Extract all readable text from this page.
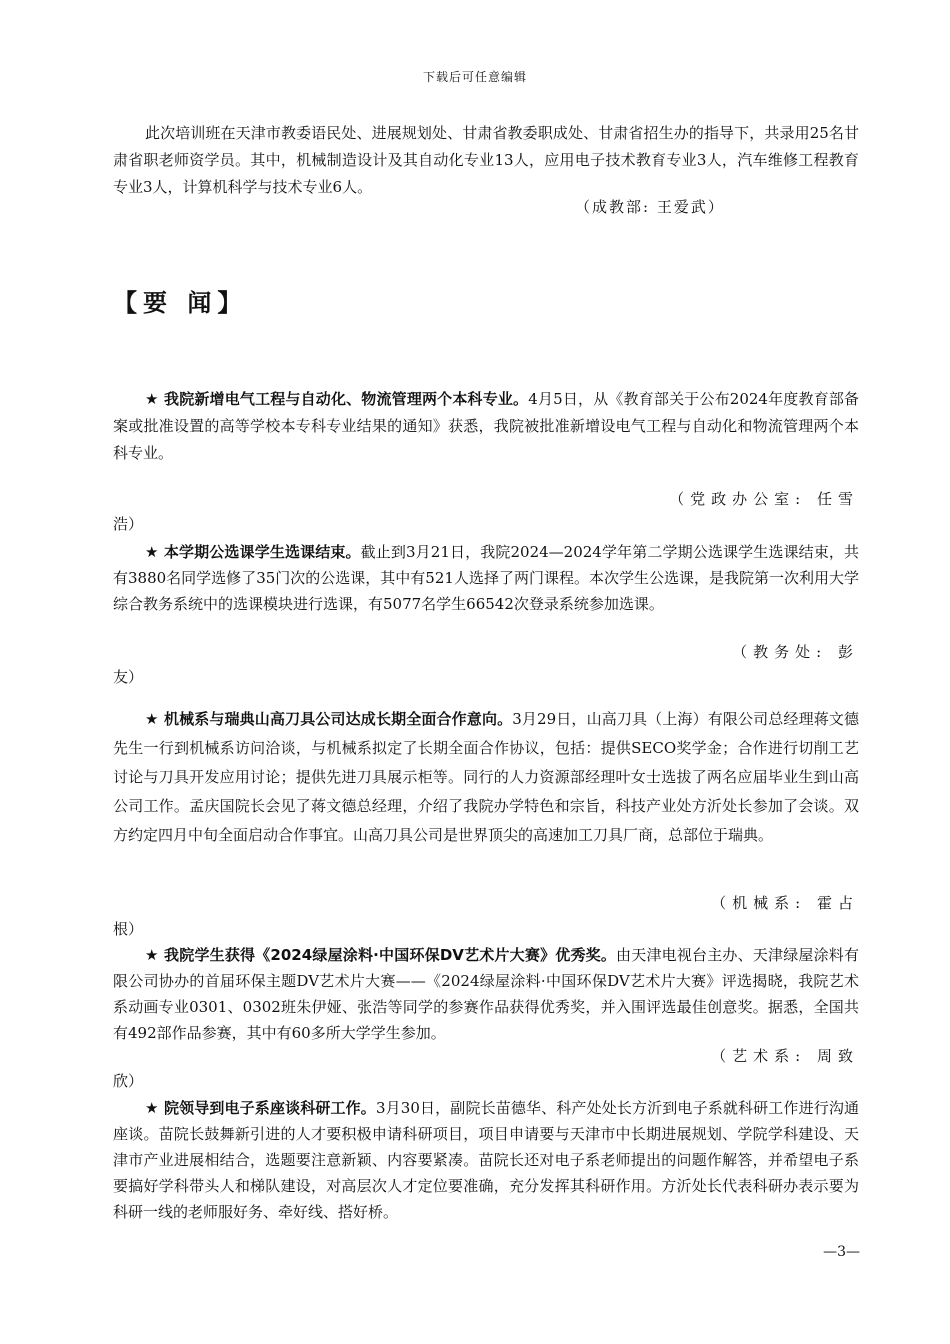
下载后可任意编辑

此次培训班在天津市教委语民处、进展规划处、甘肃省教委职成处、甘肃省招生办的指导下，共录用25名甘肃省职老师资学员。其中，机械制造设计及其自动化专业13人，应用电子技术教育专业3人，汽车维修工程教育专业3人，计算机科学与技术专业6人。

（成教部: 王爱武）
【要 闻】

★ 我院新增电气工程与自动化、物流管理两个本科专业。4月5日，从《教育部关于公布2024年度教育部备案或批准设置的高等学校本专科专业结果的通知》获悉，我院被批准新增设电气工程与自动化和物流管理两个本科专业。

（党政办公室: 任雪
浩）

★ 本学期公选课学生选课结束。截止到3月21日，我院2024—2024学年第二学期公选课学生选课结束，共有3880名同学选修了35门次的公选课，其中有521人选择了两门课程。本次学生公选课，是我院第一次利用大学综合教务系统中的选课模块进行选课，有5077名学生66542次登录系统参加选课。

（教务处: 彭
友）

★ 机械系与瑞典山高刀具公司达成长期全面合作意向。3月29日，山高刀具（上海）有限公司总经理蒋文德先生一行到机械系访问洽谈，与机械系拟定了长期全面合作协议，包括：提供SECO奖学金；合作进行切削工艺讨论与刀具开发应用讨论；提供先进刀具展示柜等。同行的人力资源部经理叶女士选拔了两名应届毕业生到山高公司工作。孟庆国院长会见了蒋文德总经理，介绍了我院办学特色和宗旨，科技产业处方沂处长参加了会谈。双方约定四月中旬全面启动合作事宜。山高刀具公司是世界顶尖的高速加工刀具厂商，总部位于瑞典。

（机械系: 霍占
根）

★ 我院学生获得《2024绿屋涂料·中国环保DV艺术片大赛》优秀奖。由天津电视台主办、天津绿屋涂料有限公司协办的首届环保主题DV艺术片大赛——《2024绿屋涂料·中国环保DV艺术片大赛》评选揭晓，我院艺术系动画专业0301、0302班朱伊娅、张浩等同学的参赛作品获得优秀奖，并入围评选最佳创意奖。据悉，全国共有492部作品参赛，其中有60多所大学学生参加。

（艺术系: 周致
欣）

★ 院领导到电子系座谈科研工作。3月30日，副院长苗德华、科产处处长方沂到电子系就科研工作进行沟通座谈。苗院长鼓舞新引进的人才要积极申请科研项目，项目申请要与天津市中长期进展规划、学院学科建设、天津市产业进展相结合，选题要注意新颖、内容要紧凑。苗院长还对电子系老师提出的问题作解答，并希望电子系要搞好学科带头人和梯队建设，对高层次人才定位要准确，充分发挥其科研作用。方沂处长代表科研办表示要为科研一线的老师服好务、牵好线、搭好桥。

—3—
